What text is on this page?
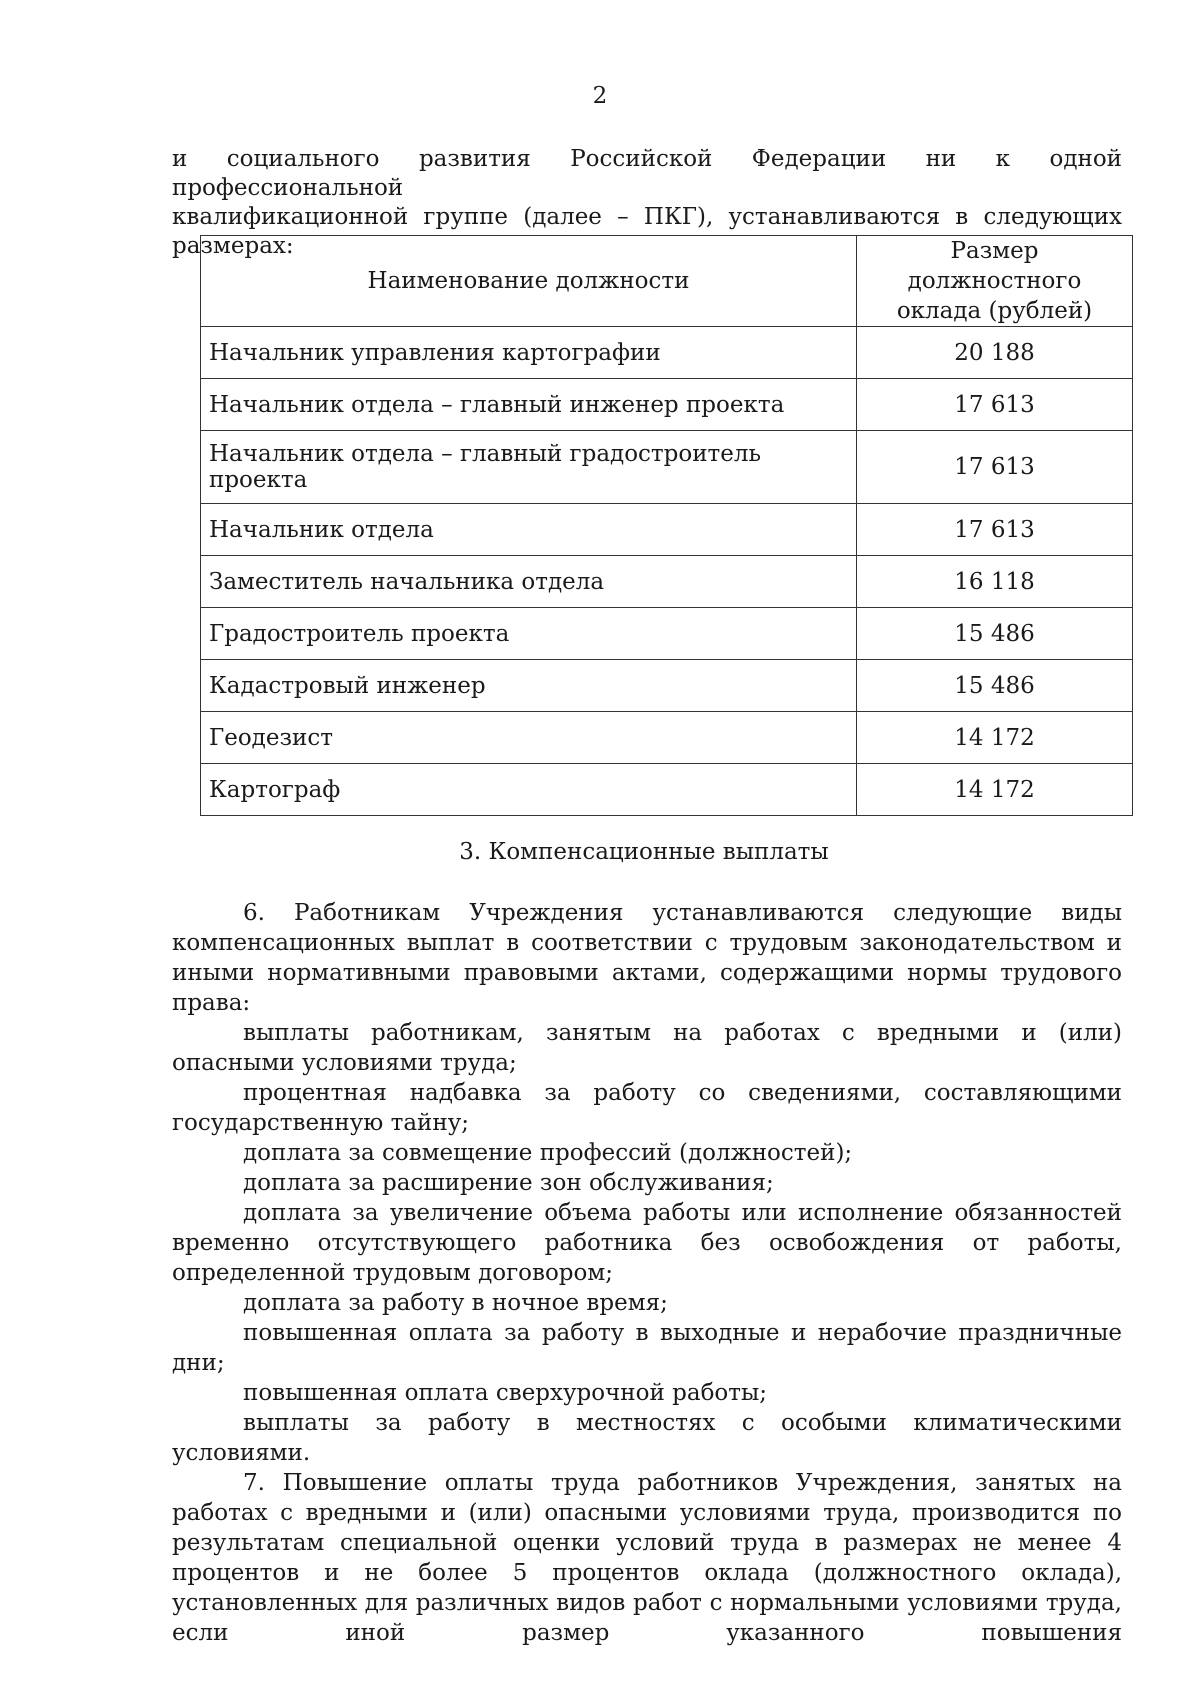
2

и социального развития Российской Федерации ни к одной профессиональной

квалификационной группе (далее – ПКГ), устанавливаются в следующих размерах:

Наименование должности	Размер должностного
оклада (рублей)
Начальник управления картографии	20 188
Начальник отдела – главный инженер проекта	17 613
Начальник отдела – главный градостроитель проекта	17 613
Начальник отдела	17 613
Заместитель начальника отдела	16 118
Градостроитель проекта	15 486
Кадастровый инженер	15 486
Геодезист	14 172
Картограф	14 172
3. Компенсационные выплаты

6. Работникам Учреждения устанавливаются следующие виды компенсационных выплат в соответствии с трудовым законодательством и иными нормативными правовыми актами, содержащими нормы трудового права:

выплаты работникам, занятым на работах с вредными и (или) опасными условиями труда;

процентная надбавка за работу со сведениями, составляющими государственную тайну;

доплата за совмещение профессий (должностей);

доплата за расширение зон обслуживания;

доплата за увеличение объема работы или исполнение обязанностей временно отсутствующего работника без освобождения от работы, определенной трудовым договором;

доплата за работу в ночное время;

повышенная оплата за работу в выходные и нерабочие праздничные дни;

повышенная оплата сверхурочной работы;

выплаты за работу в местностях с особыми климатическими условиями.

7. Повышение оплаты труда работников Учреждения, занятых на работах с вредными и (или) опасными условиями труда, производится по результатам специальной оценки условий труда в размерах не менее 4 процентов и не более 5 процентов оклада (должностного оклада), установленных для различных видов работ с нормальными условиями труда, если иной размер указанного повышения
